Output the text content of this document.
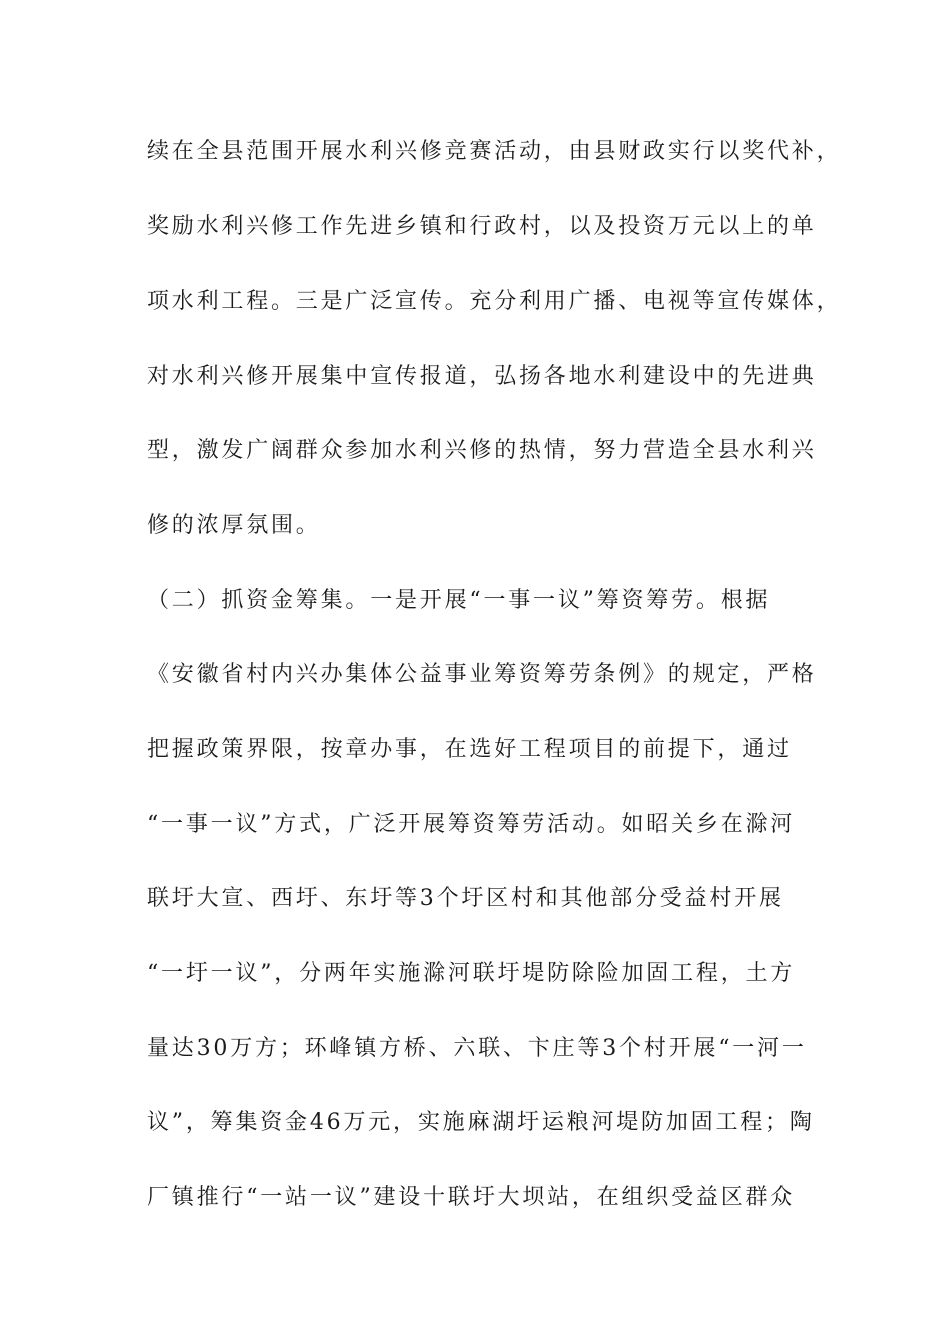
续在全县范围开展水利兴修竞赛活动，由县财政实行以奖代补，
奖励水利兴修工作先进乡镇和行政村，以及投资万元以上的单
项水利工程。三是广泛宣传。充分利用广播、电视等宣传媒体，
对水利兴修开展集中宣传报道，弘扬各地水利建设中的先进典
型，激发广阔群众参加水利兴修的热情，努力营造全县水利兴
修的浓厚氛围。
（二）抓资金筹集。一是开展“一事一议”筹资筹劳。根据
《安徽省村内兴办集体公益事业筹资筹劳条例》的规定，严格
把握政策界限，按章办事，在选好工程项目的前提下，通过
“一事一议”方式，广泛开展筹资筹劳活动。如昭关乡在滁河
联圩大宣、西圩、东圩等3个圩区村和其他部分受益村开展
“一圩一议”，分两年实施滁河联圩堤防除险加固工程，土方
量达30万方；环峰镇方桥、六联、卞庄等3个村开展“一河一
议”，筹集资金46万元，实施麻湖圩运粮河堤防加固工程；陶
厂镇推行“一站一议”建设十联圩大坝站，在组织受益区群众
